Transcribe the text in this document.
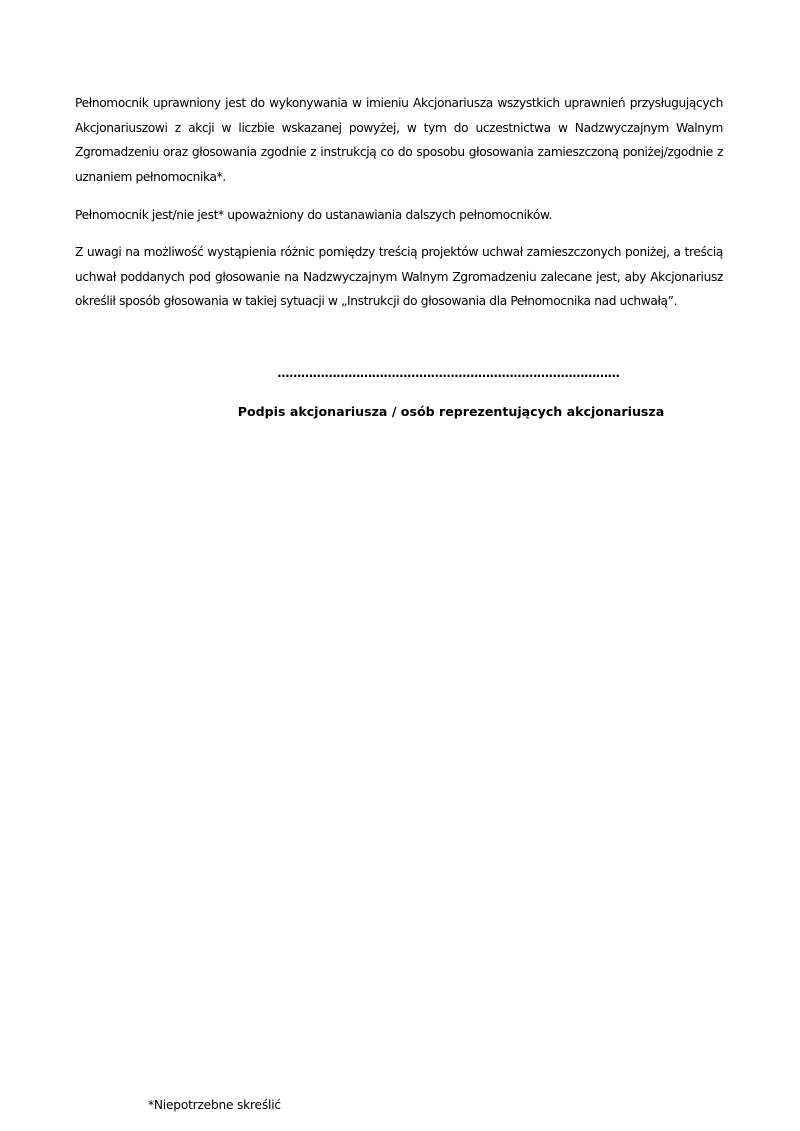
Pełnomocnik uprawniony jest do wykonywania w imieniu Akcjonariusza wszystkich uprawnień przysługujących Akcjonariuszowi z akcji w liczbie wskazanej powyżej, w tym do uczestnictwa w Nadzwyczajnym Walnym Zgromadzeniu oraz głosowania zgodnie z instrukcją co do sposobu głosowania zamieszczoną poniżej/zgodnie z uznaniem pełnomocnika*.

Pełnomocnik jest/nie jest* upoważniony do ustanawiania dalszych pełnomocników.

Z uwagi na możliwość wystąpienia różnic pomiędzy treścią projektów uchwał zamieszczonych poniżej, a treścią uchwał poddanych pod głosowanie na Nadzwyczajnym Walnym Zgromadzeniu zalecane jest, aby Akcjonariusz określił sposób głosowania w takiej sytuacji w „Instrukcji do głosowania dla Pełnomocnika nad uchwałą”.

……………………………………………………………………………
Podpis akcjonariusza / osób reprezentujących akcjonariusza
*Niepotrzebne skreślić
